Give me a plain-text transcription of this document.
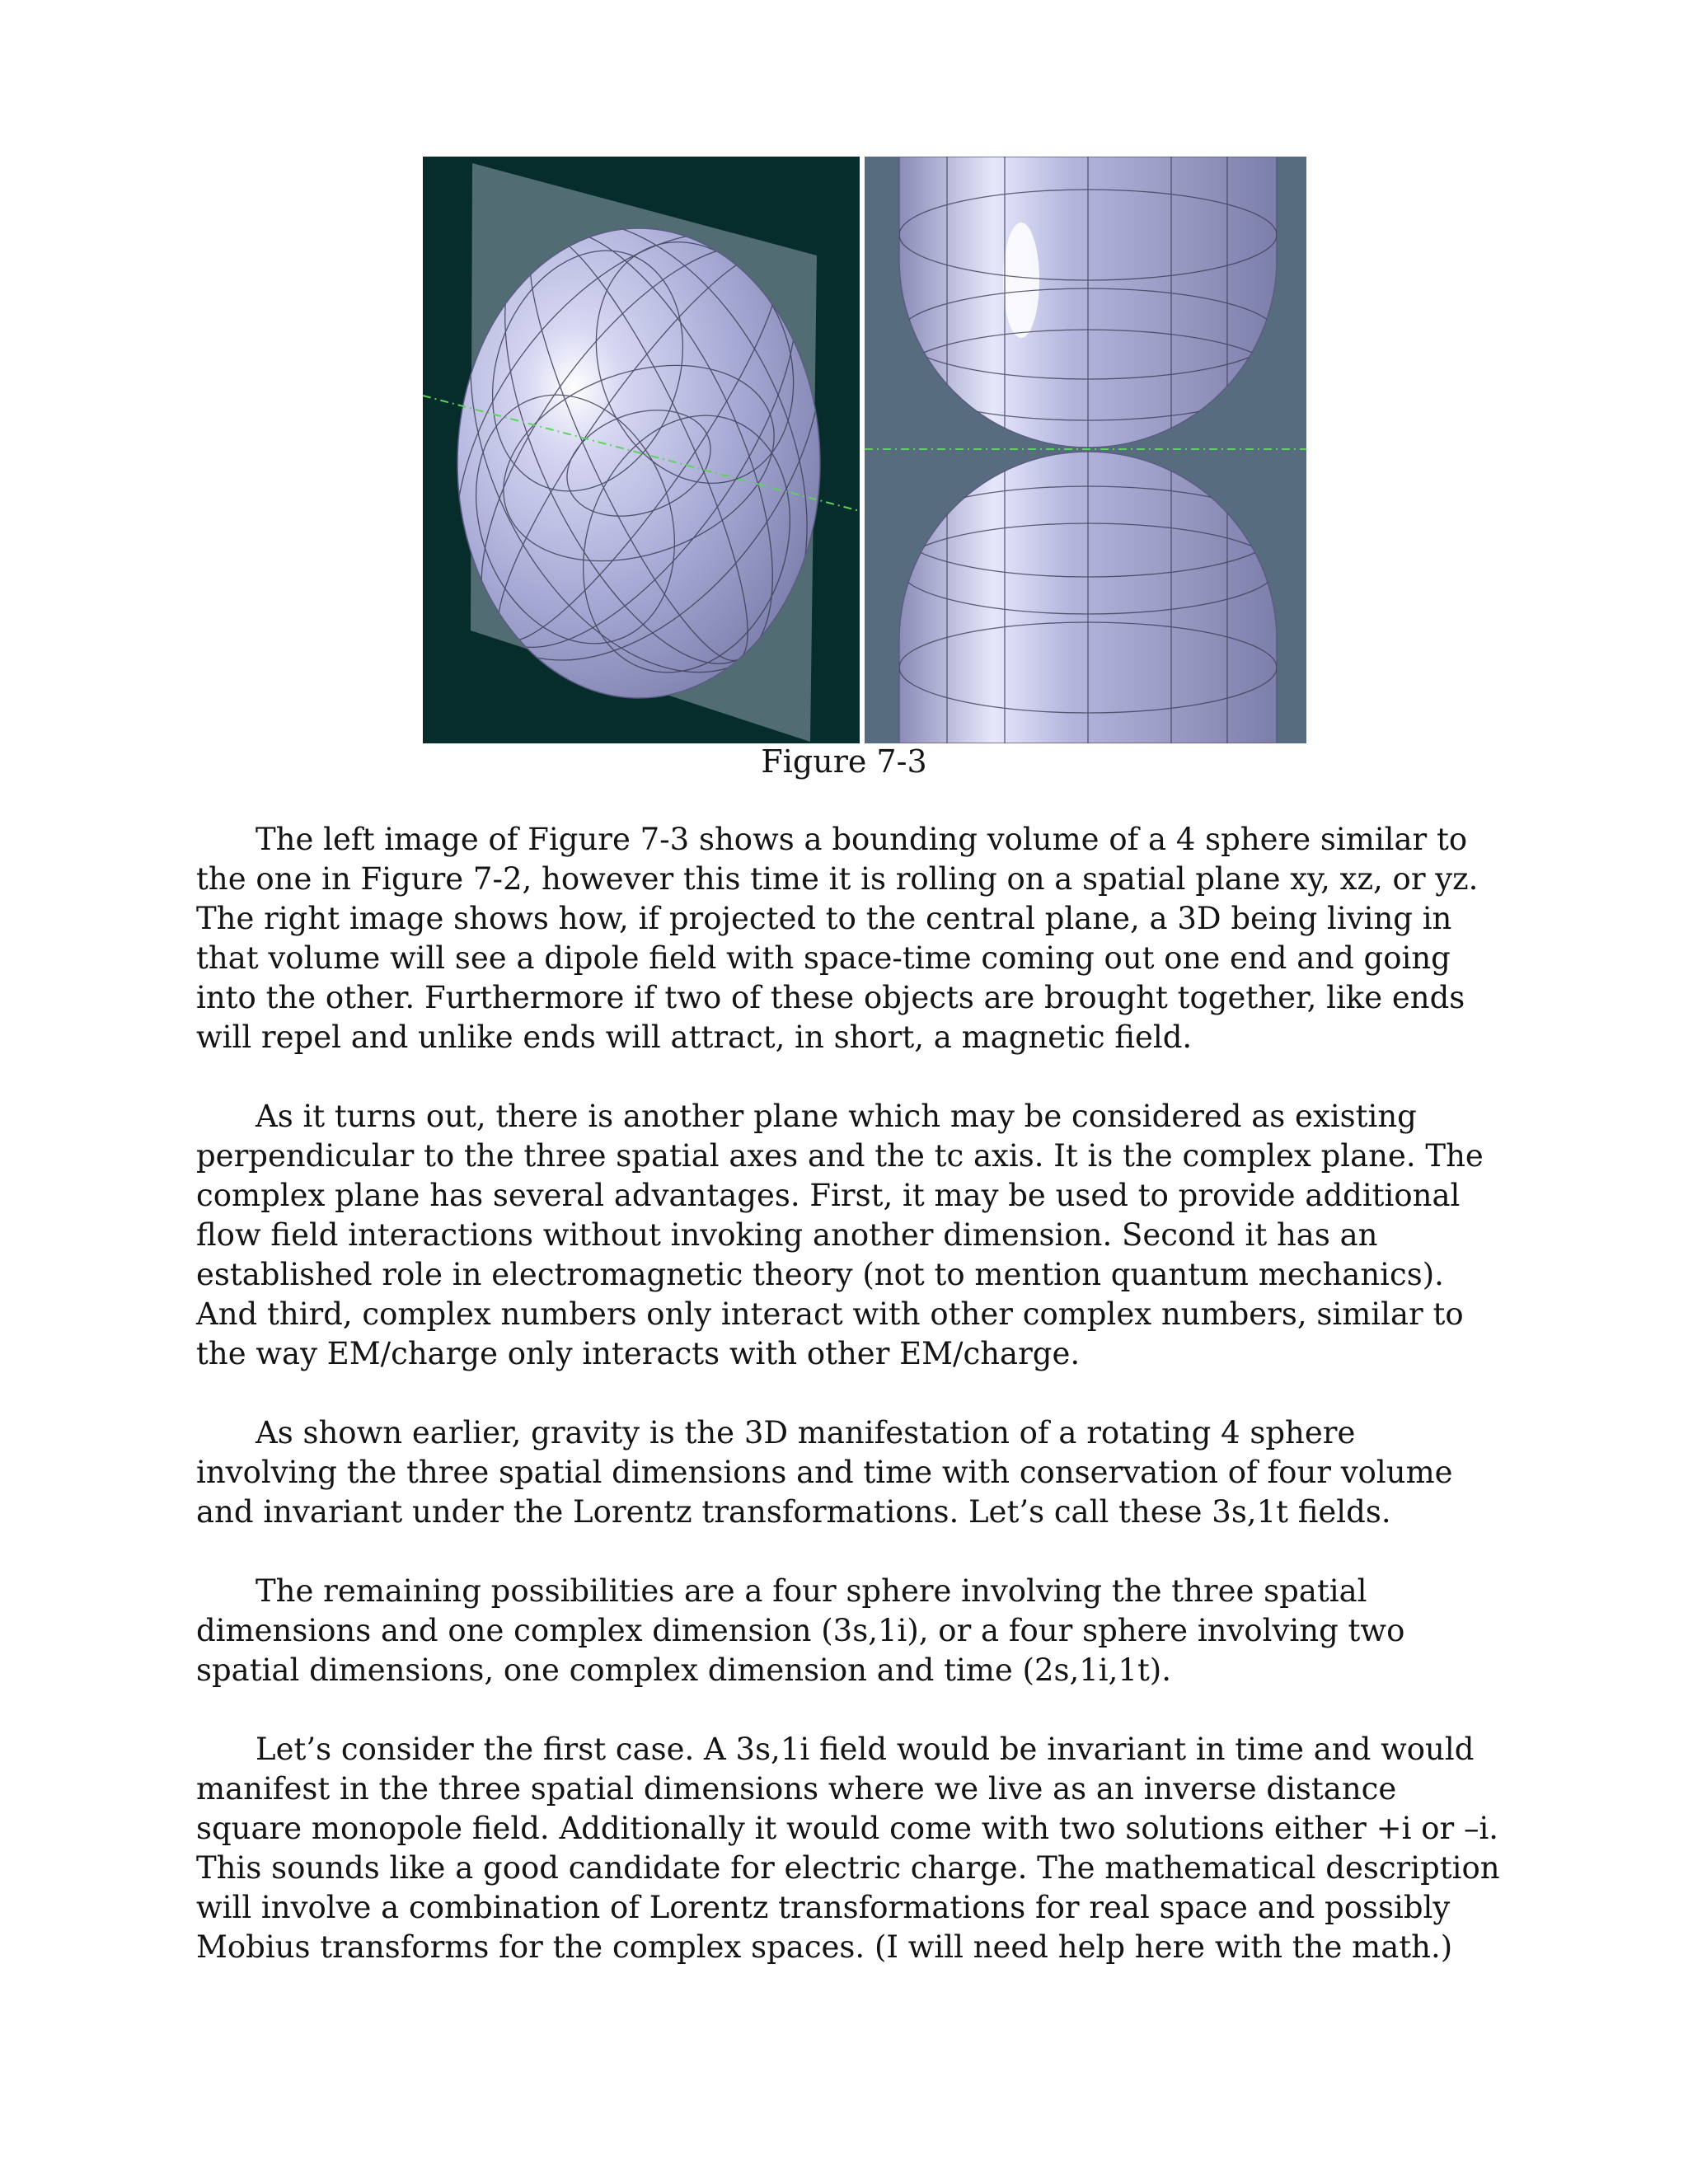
Figure 7-3

The left image of Figure 7-3 shows a bounding volume of a 4 sphere similar to
the one in Figure 7-2, however this time it is rolling on a spatial plane xy, xz, or yz.
The right image shows how, if projected to the central plane, a 3D being living in
that volume will see a dipole field with space-time coming out one end and going
into the other. Furthermore if two of these objects are brought together, like ends
will repel and unlike ends will attract, in short, a magnetic field.

As it turns out, there is another plane which may be considered as existing
perpendicular to the three spatial axes and the tc axis. It is the complex plane. The
complex plane has several advantages. First, it may be used to provide additional
flow field interactions without invoking another dimension. Second it has an
established role in electromagnetic theory (not to mention quantum mechanics).
And third, complex numbers only interact with other complex numbers, similar to
the way EM/charge only interacts with other EM/charge.

As shown earlier, gravity is the 3D manifestation of a rotating 4 sphere
involving the three spatial dimensions and time with conservation of four volume
and invariant under the Lorentz transformations. Let’s call these 3s,1t fields.

The remaining possibilities are a four sphere involving the three spatial
dimensions and one complex dimension (3s,1i), or a four sphere involving two
spatial dimensions, one complex dimension and time (2s,1i,1t).

Let’s consider the first case. A 3s,1i field would be invariant in time and would
manifest in the three spatial dimensions where we live as an inverse distance
square monopole field. Additionally it would come with two solutions either +i or –i.
This sounds like a good candidate for electric charge. The mathematical description
will involve a combination of Lorentz transformations for real space and possibly
Mobius transforms for the complex spaces. (I will need help here with the math.)
